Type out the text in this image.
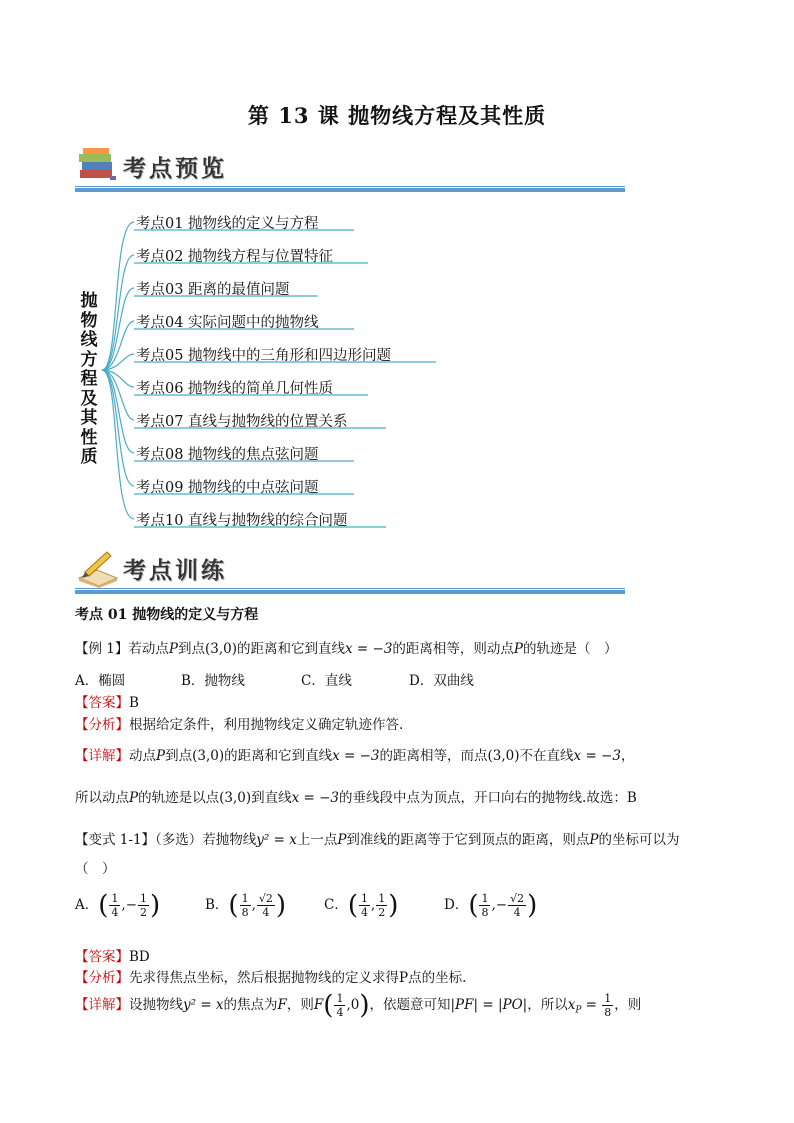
第 13 课 抛物线方程及其性质
考点预览
抛
物
线
方
程
及
其
性
质
考点01 抛物线的定义与方程
考点02 抛物线方程与位置特征
考点03 距离的最值问题
考点04 实际问题中的抛物线
考点05 抛物线中的三角形和四边形问题
考点06 抛物线的简单几何性质
考点07 直线与抛物线的位置关系
考点08 抛物线的焦点弦问题
考点09 抛物线的中点弦问题
考点10 直线与抛物线的综合问题
考点训练
考点 01 抛物线的定义与方程
【例 1】若动点P到点(3,0)的距离和它到直线x = −3的距离相等，则动点P的轨迹是（　）
A．椭圆	B．抛物线	C．直线	D．双曲线
【答案】B
【分析】根据给定条件，利用抛物线定义确定轨迹作答.
【详解】动点P到点(3,0)的距离和它到直线x = −3的距离相等，而点(3,0)不在直线x = −3，
所以动点P的轨迹是以点(3,0)到直线x = −3的垂线段中点为顶点，开口向右的抛物线.故选：B
【变式 1-1】（多选）若抛物线y² = x上一点P到准线的距离等于它到顶点的距离，则点P的坐标可以为
（　）
A．( $\frac{1}{4}$ ,− $\frac{1}{2}$ )	B．( $\frac{1}{8}$ , $\frac{√2}{4}$ )	C．( $\frac{1}{4}$ , $\frac{1}{2}$ )	D．( $\frac{1}{8}$ ,− $\frac{√2}{4}$ )
【答案】BD
【分析】先求得焦点坐标，然后根据抛物线的定义求得P点的坐标.
【详解】设抛物线y² = x的焦点为F，则$F( \frac{1}{4} ,0)$，依题意可知|PF| = |PO|，所以$x_P = \frac{1}{8}$ ，则
